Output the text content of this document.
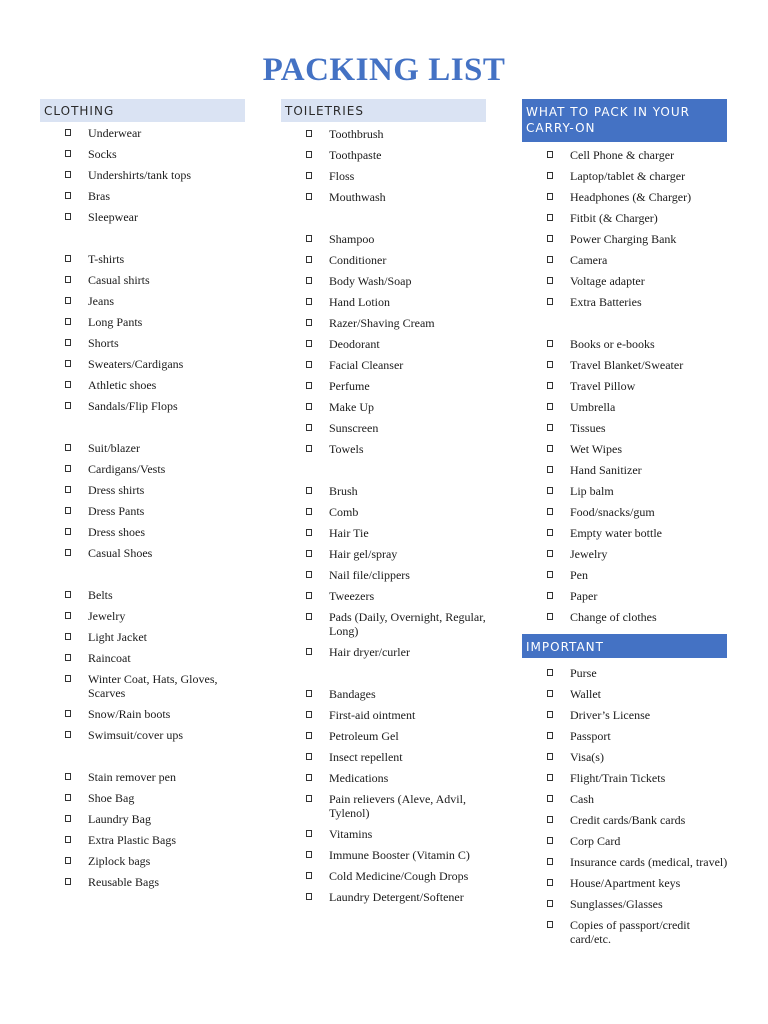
PACKING LIST
CLOTHING
Underwear
Socks
Undershirts/tank tops
Bras
Sleepwear
T-shirts
Casual shirts
Jeans
Long Pants
Shorts
Sweaters/Cardigans
Athletic shoes
Sandals/Flip Flops
Suit/blazer
Cardigans/Vests
Dress shirts
Dress Pants
Dress shoes
Casual Shoes
Belts
Jewelry
Light Jacket
Raincoat
Winter Coat, Hats, Gloves, Scarves
Snow/Rain boots
Swimsuit/cover ups
Stain remover pen
Shoe Bag
Laundry Bag
Extra Plastic Bags
Ziplock bags
Reusable Bags
TOILETRIES
Toothbrush
Toothpaste
Floss
Mouthwash
Shampoo
Conditioner
Body Wash/Soap
Hand Lotion
Razer/Shaving Cream
Deodorant
Facial Cleanser
Perfume
Make Up
Sunscreen
Towels
Brush
Comb
Hair Tie
Hair gel/spray
Nail file/clippers
Tweezers
Pads (Daily, Overnight, Regular, Long)
Hair dryer/curler
Bandages
First-aid ointment
Petroleum Gel
Insect repellent
Medications
Pain relievers (Aleve, Advil, Tylenol)
Vitamins
Immune Booster (Vitamin C)
Cold Medicine/Cough Drops
Laundry Detergent/Softener
WHAT TO PACK IN YOUR CARRY-ON
Cell Phone & charger
Laptop/tablet & charger
Headphones (& Charger)
Fitbit (& Charger)
Power Charging Bank
Camera
Voltage adapter
Extra Batteries
Books or e-books
Travel Blanket/Sweater
Travel Pillow
Umbrella
Tissues
Wet Wipes
Hand Sanitizer
Lip balm
Food/snacks/gum
Empty water bottle
Jewelry
Pen
Paper
Change of clothes
IMPORTANT
Purse
Wallet
Driver’s License
Passport
Visa(s)
Flight/Train Tickets
Cash
Credit cards/Bank cards
Corp Card
Insurance cards (medical, travel)
House/Apartment keys
Sunglasses/Glasses
Copies of passport/credit card/etc.
